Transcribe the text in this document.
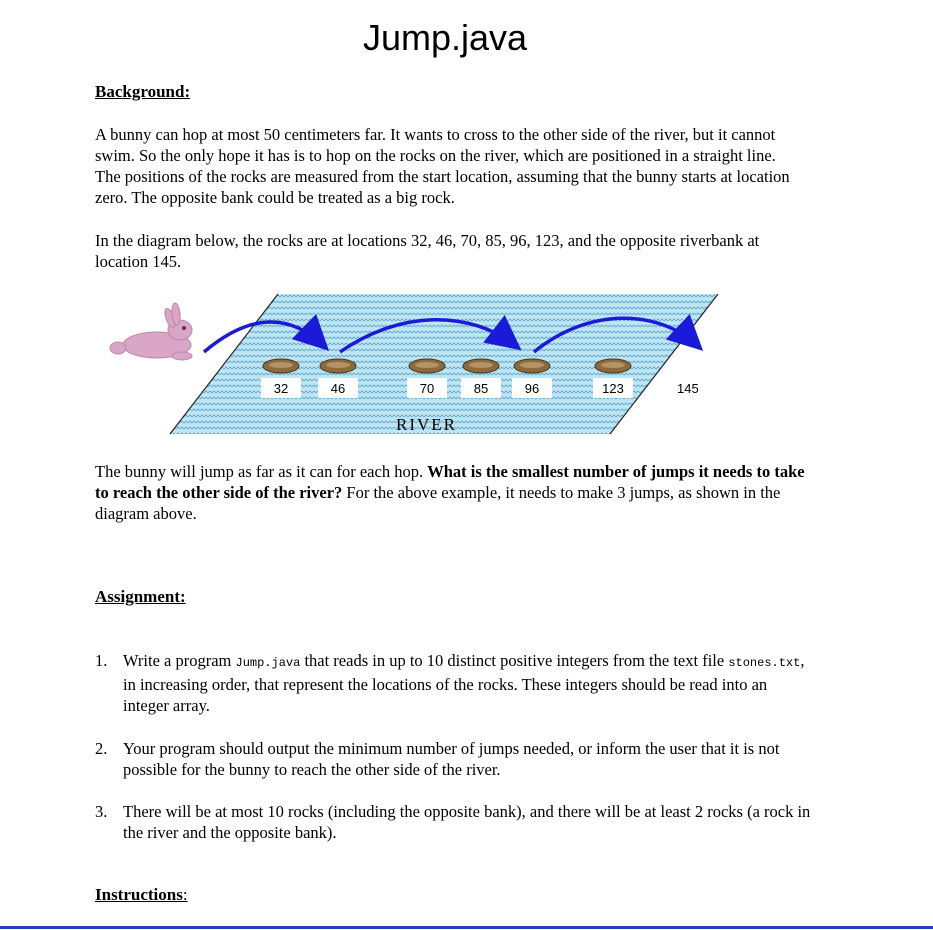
Jump.java
Background:

A bunny can hop at most 50 centimeters far. It wants to cross to the other side of the river, but it cannot swim. So the only hope it has is to hop on the rocks on the river, which are positioned in a straight line. The positions of the rocks are measured from the start location, assuming that the bunny starts at location zero. The opposite bank could be treated as a big rock.

In the diagram below, the rocks are at locations 32, 46, 70, 85, 96, 123, and the opposite riverbank at location 145.

32	46	70	85	96	123	145
RIVER

The bunny will jump as far as it can for each hop. What is the smallest number of jumps it needs to take to reach the other side of the river? For the above example, it needs to make 3 jumps, as shown in the diagram above.

Assignment:
1. Write a program Jump.java that reads in up to 10 distinct positive integers from the text file stones.txt, in increasing order, that represent the locations of the rocks. These integers should be read into an integer array.
2. Your program should output the minimum number of jumps needed, or inform the user that it is not possible for the bunny to reach the other side of the river.
3. There will be at most 10 rocks (including the opposite bank), and there will be at least 2 rocks (a rock in the river and the opposite bank).
Instructions:
